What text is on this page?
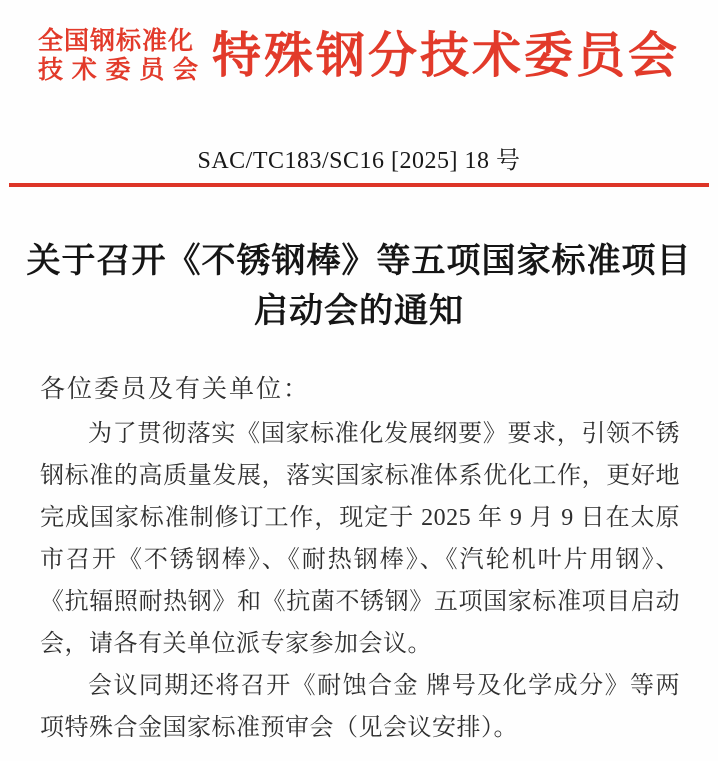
全国钢标准化
技术委员会 特殊钢分技术委员会
SAC/TC183/SC16 [2025] 18 号
关于召开《不锈钢棒》等五项国家标准项目
启动会的通知
各位委员及有关单位：
为了贯彻落实《国家标准化发展纲要》要求，引领不锈
钢标准的高质量发展，落实国家标准体系优化工作，更好地
完成国家标准制修订工作，现定于 2025 年 9 月 9 日在太原
市召开《不锈钢棒》、《耐热钢棒》、《汽轮机叶片用钢》、
《抗辐照耐热钢》和《抗菌不锈钢》五项国家标准项目启动
会，请各有关单位派专家参加会议。
会议同期还将召开《耐蚀合金 牌号及化学成分》等两
项特殊合金国家标准预审会（见会议安排）。
